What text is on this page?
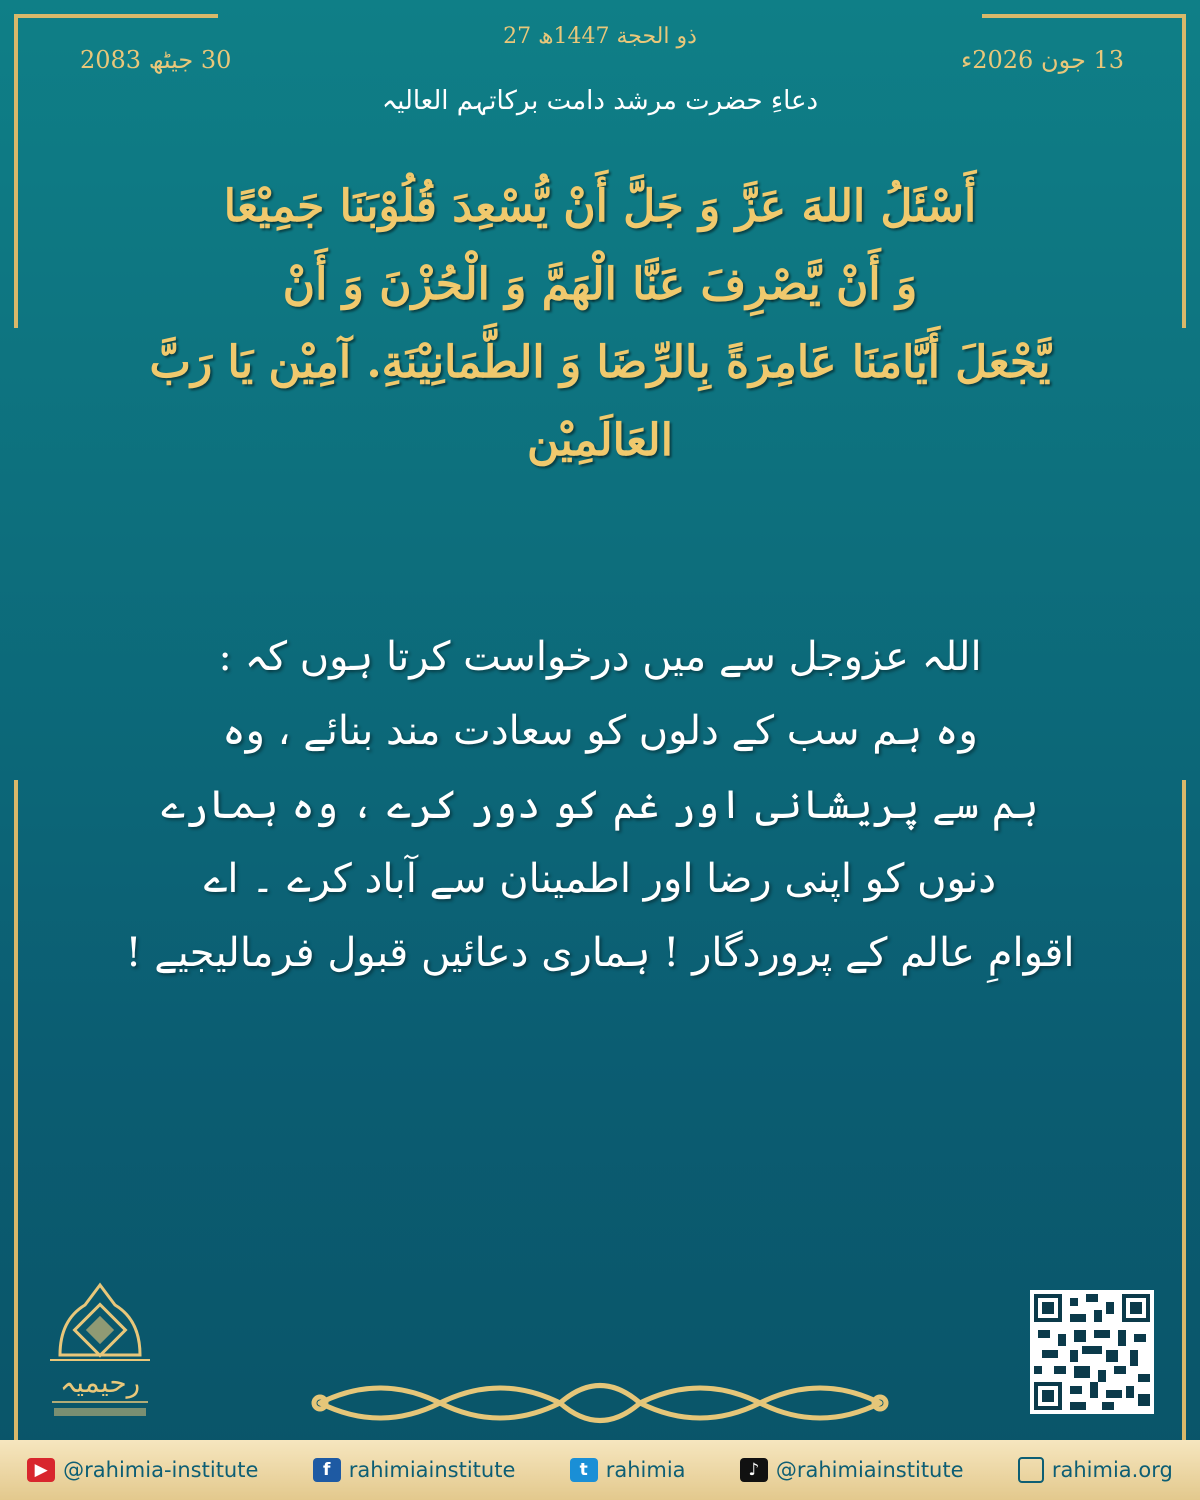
27 ذو الحجة 1447ھ
13 جون 2026ء
30 جیٹھ 2083
دعاءِ حضرت مرشد دامت برکاتہم العالیہ
أَسْئَلُ اللهَ عَزَّ وَ جَلَّ أَنْ يُّسْعِدَ قُلُوْبَنَا جَمِيْعًا
وَ أَنْ يَّصْرِفَ عَنَّا الْهَمَّ وَ الْحُزْنَ وَ أَنْ
يَّجْعَلَ أَيَّامَنَا عَامِرَةً بِالرِّضَا وَ الطَّمَانِيْنَةِ. آمِيْن يَا رَبَّ
العَالَمِيْن
اللہ عزوجل سے میں درخواست کرتا ہوں کہ :
وہ ہم سب کے دلوں کو سعادت مند بنائے ، وہ
ہم سے پریشانی اور غم کو دور کرے ، وہ ہمارے
دنوں کو اپنی رضا اور اطمینان سے آباد کرے ۔ اے
اقوامِ عالم کے پروردگار ! ہماری دعائیں قبول فرمالیجیے !
رحیمیہ
▶ @rahimia-institute	f rahimiainstitute	t rahimia	♪ @rahimiainstitute	rahimia.org
